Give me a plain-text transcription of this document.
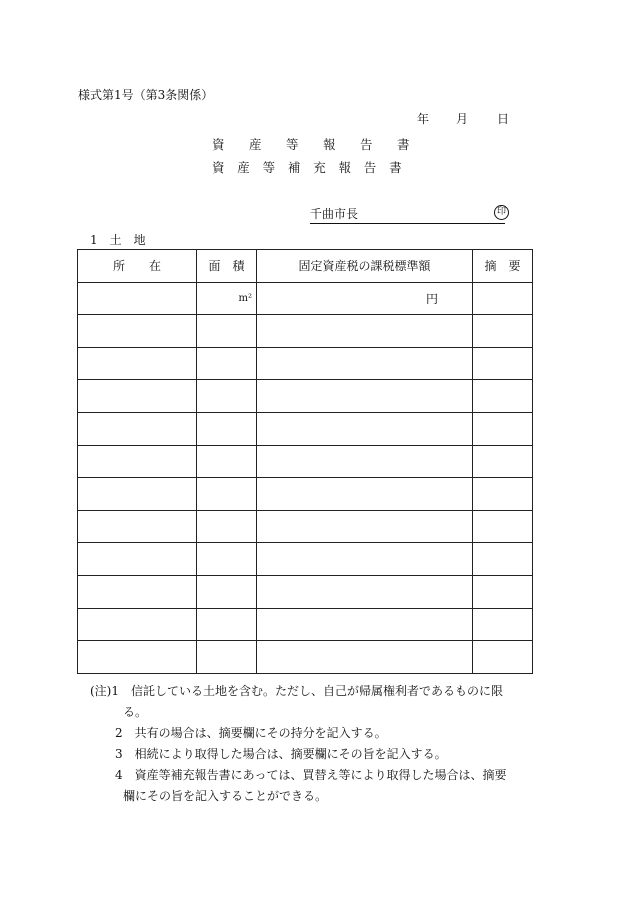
様式第1号（第3条関係）
年 月 日
資 産 等 報 告 書
資 産 等 補 充 報 告 書
千曲市長	印
1　土　地
所　　在	面　積	固定資産税の課税標準額	摘　要
	m²	円	

(注)1　信託している土地を含む。ただし、自己が帰属権利者であるものに限
る。
2　共有の場合は、摘要欄にその持分を記入する。
3　相続により取得した場合は、摘要欄にその旨を記入する。
4　資産等補充報告書にあっては、買替え等により取得した場合は、摘要
欄にその旨を記入することができる。
